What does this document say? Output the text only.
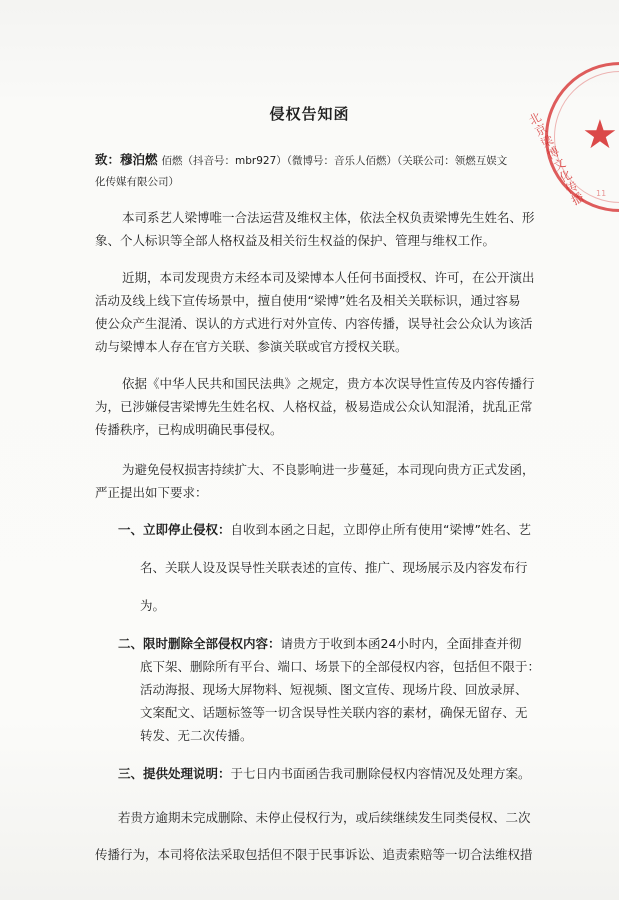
北京梁博文化传播
★
11
侵权告知函
致：穆泊燃 佰燃（抖音号：mbr927）（微博号：音乐人佰燃）（关联公司：领燃互娱文
化传媒有限公司）
本司系艺人梁博唯一合法运营及维权主体，依法全权负责梁博先生姓名、形
象、个人标识等全部人格权益及相关衍生权益的保护、管理与维权工作。
近期，本司发现贵方未经本司及梁博本人任何书面授权、许可，在公开演出
活动及线上线下宣传场景中，擅自使用“梁博”姓名及相关关联标识，通过容易
使公众产生混淆、误认的方式进行对外宣传、内容传播，误导社会公众认为该活
动与梁博本人存在官方关联、参演关联或官方授权关联。
依据《中华人民共和国民法典》之规定，贵方本次误导性宣传及内容传播行
为，已涉嫌侵害梁博先生姓名权、人格权益，极易造成公众认知混淆，扰乱正常
传播秩序，已构成明确民事侵权。
为避免侵权损害持续扩大、不良影响进一步蔓延，本司现向贵方正式发函，
严正提出如下要求：
一、立即停止侵权：自收到本函之日起，立即停止所有使用“梁博”姓名、艺
名、关联人设及误导性关联表述的宣传、推广、现场展示及内容发布行
为。
二、限时删除全部侵权内容：请贵方于收到本函24小时内，全面排查并彻
底下架、删除所有平台、端口、场景下的全部侵权内容，包括但不限于：
活动海报、现场大屏物料、短视频、图文宣传、现场片段、回放录屏、
文案配文、话题标签等一切含误导性关联内容的素材，确保无留存、无
转发、无二次传播。
三、提供处理说明：于七日内书面函告我司删除侵权内容情况及处理方案。
若贵方逾期未完成删除、未停止侵权行为，或后续继续发生同类侵权、二次
传播行为，本司将依法采取包括但不限于民事诉讼、追责索赔等一切合法维权措
